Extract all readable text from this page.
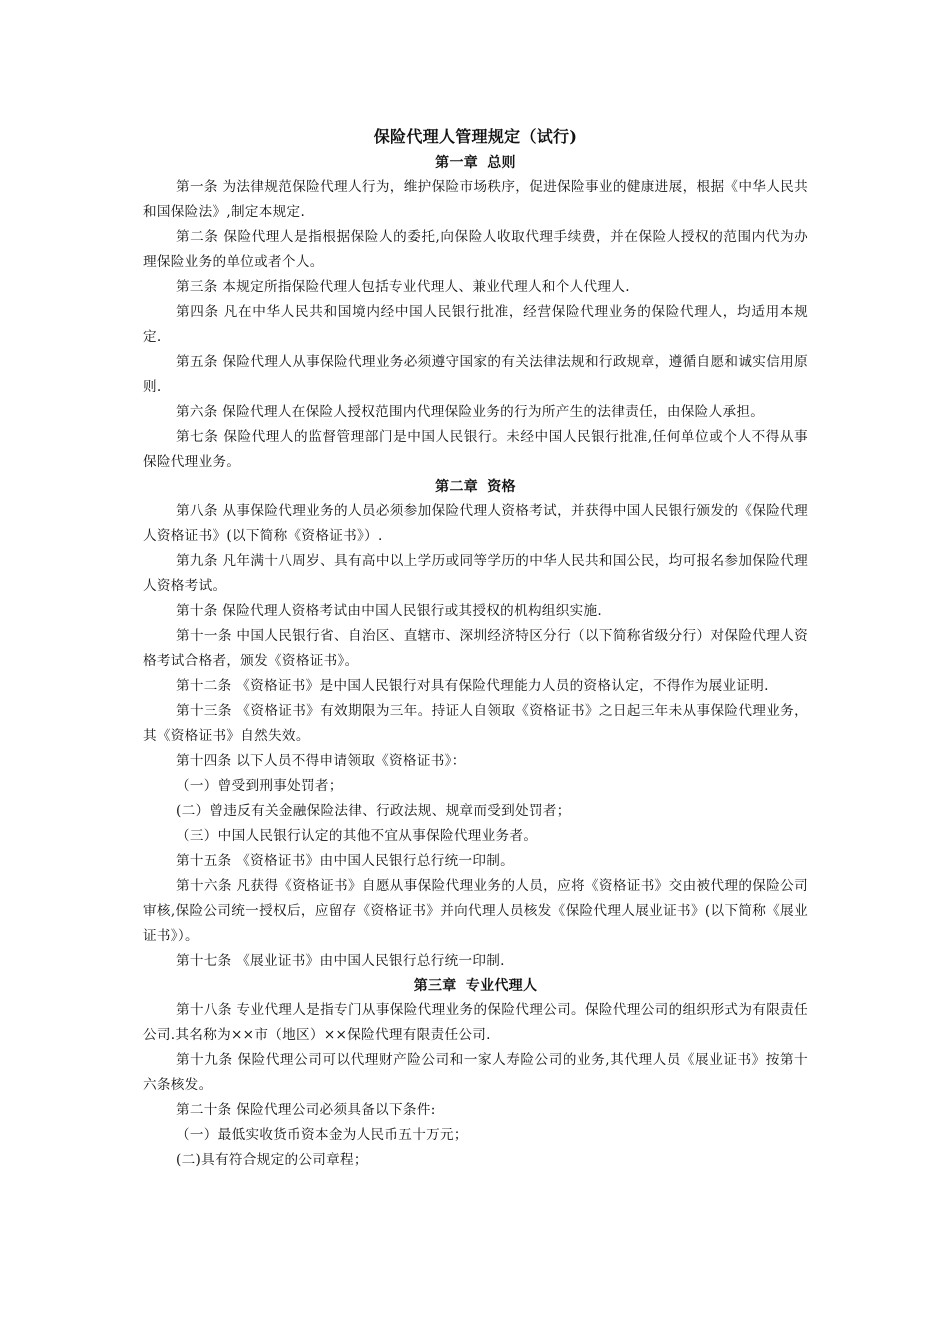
保险代理人管理规定（试行)
第一章 总则

第一条 为法律规范保险代理人行为，维护保险市场秩序，促进保险事业的健康进展，根据《中华人民共和国保险法》,制定本规定.

第二条 保险代理人是指根据保险人的委托,向保险人收取代理手续费，并在保险人授权的范围内代为办理保险业务的单位或者个人。

第三条 本规定所指保险代理人包括专业代理人、兼业代理人和个人代理人.

第四条 凡在中华人民共和国境内经中国人民银行批准，经营保险代理业务的保险代理人，均适用本规定.

第五条 保险代理人从事保险代理业务必须遵守国家的有关法律法规和行政规章，遵循自愿和诚实信用原则.

第六条 保险代理人在保险人授权范围内代理保险业务的行为所产生的法律责任，由保险人承担。

第七条 保险代理人的监督管理部门是中国人民银行。未经中国人民银行批准,任何单位或个人不得从事保险代理业务。

第二章 资格

第八条 从事保险代理业务的人员必须参加保险代理人资格考试，并获得中国人民银行颁发的《保险代理人资格证书》(以下简称《资格证书》）.

第九条 凡年满十八周岁、具有高中以上学历或同等学历的中华人民共和国公民，均可报名参加保险代理人资格考试。

第十条 保险代理人资格考试由中国人民银行或其授权的机构组织实施.

第十一条 中国人民银行省、自治区、直辖市、深圳经济特区分行（以下简称省级分行）对保险代理人资格考试合格者，颁发《资格证书》。

第十二条 《资格证书》是中国人民银行对具有保险代理能力人员的资格认定，不得作为展业证明.

第十三条 《资格证书》有效期限为三年。持证人自领取《资格证书》之日起三年未从事保险代理业务，其《资格证书》自然失效。

第十四条 以下人员不得申请领取《资格证书》：

（一）曾受到刑事处罚者；

(二）曾违反有关金融保险法律、行政法规、规章而受到处罚者；

（三）中国人民银行认定的其他不宜从事保险代理业务者。

第十五条 《资格证书》由中国人民银行总行统一印制。

第十六条 凡获得《资格证书》自愿从事保险代理业务的人员，应将《资格证书》交由被代理的保险公司审核,保险公司统一授权后，应留存《资格证书》并向代理人员核发《保险代理人展业证书》(以下简称《展业证书》）。

第十七条 《展业证书》由中国人民银行总行统一印制.

第三章 专业代理人

第十八条 专业代理人是指专门从事保险代理业务的保险代理公司。保险代理公司的组织形式为有限责任公司.其名称为××市（地区）××保险代理有限责任公司.

第十九条 保险代理公司可以代理财产险公司和一家人寿险公司的业务,其代理人员《展业证书》按第十六条核发。

第二十条 保险代理公司必须具备以下条件:

（一）最低实收货币资本金为人民币五十万元；

(二)具有符合规定的公司章程；
